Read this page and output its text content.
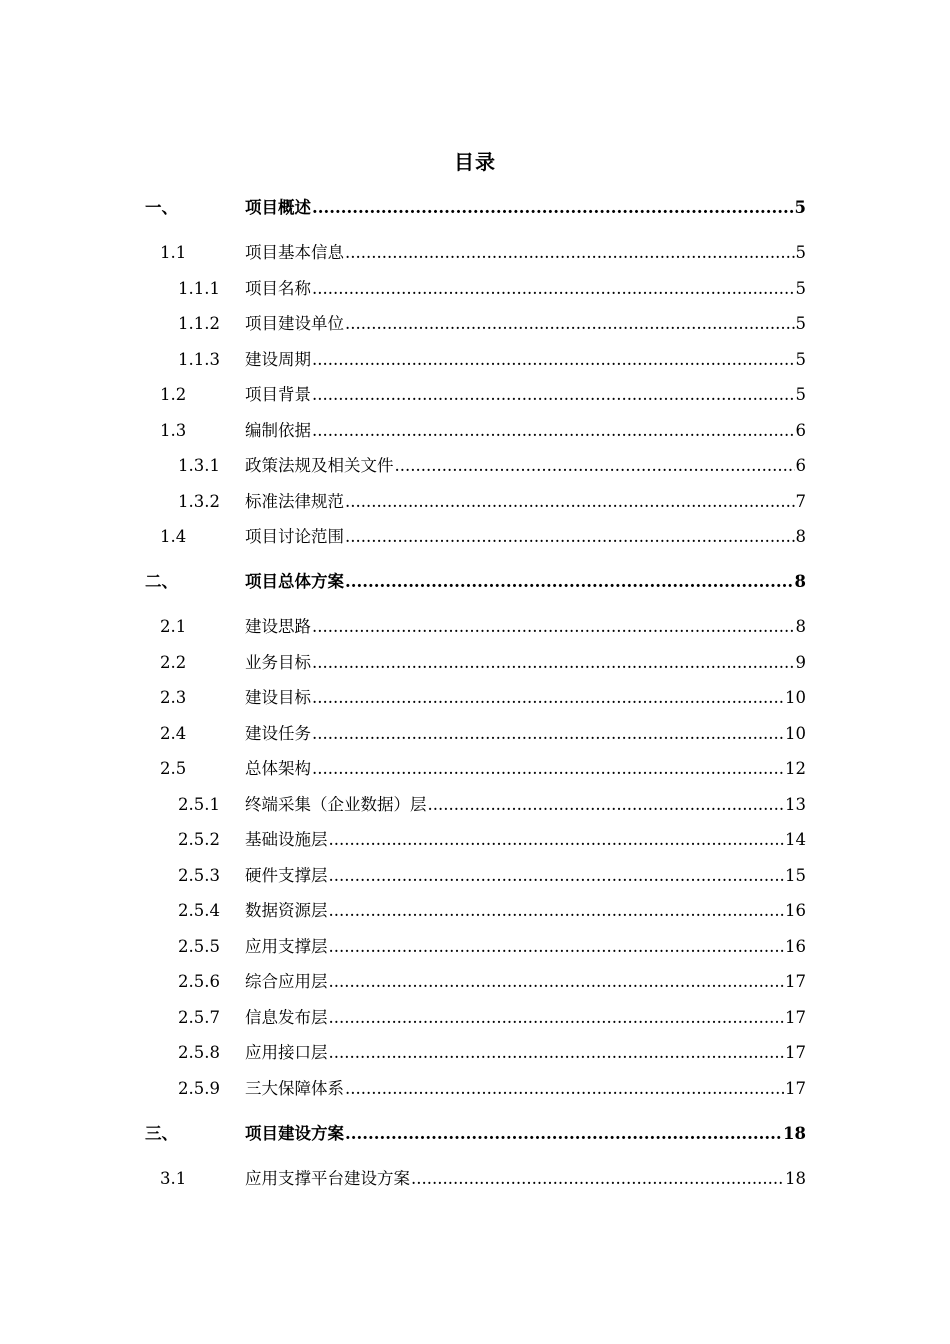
目录
一、	项目概述 .....	5
1.1	项目基本信息 .....	5
1.1.1 项目名称 .....	5
1.1.2 项目建设单位 .....	5
1.1.3 建设周期 .....	5
1.2	项目背景 .....	5
1.3	编制依据 .....	6
1.3.1 政策法规及相关文件 .....	6
1.3.2 标准法律规范 .....	7
1.4	项目讨论范围 .....	8
二、	项目总体方案 .....	8
2.1	建设思路 .....	8
2.2	业务目标 .....	9
2.3	建设目标 .....	10
2.4	建设任务 .....	10
2.5	总体架构 .....	12
2.5.1 终端采集（企业数据）层 .....	13
2.5.2 基础设施层 .....	14
2.5.3 硬件支撑层 .....	15
2.5.4 数据资源层 .....	16
2.5.5 应用支撑层 .....	16
2.5.6 综合应用层 .....	17
2.5.7 信息发布层 .....	17
2.5.8 应用接口层 .....	17
2.5.9 三大保障体系 .....	17
三、	项目建设方案 .....	18
3.1	应用支撑平台建设方案 .....	18
